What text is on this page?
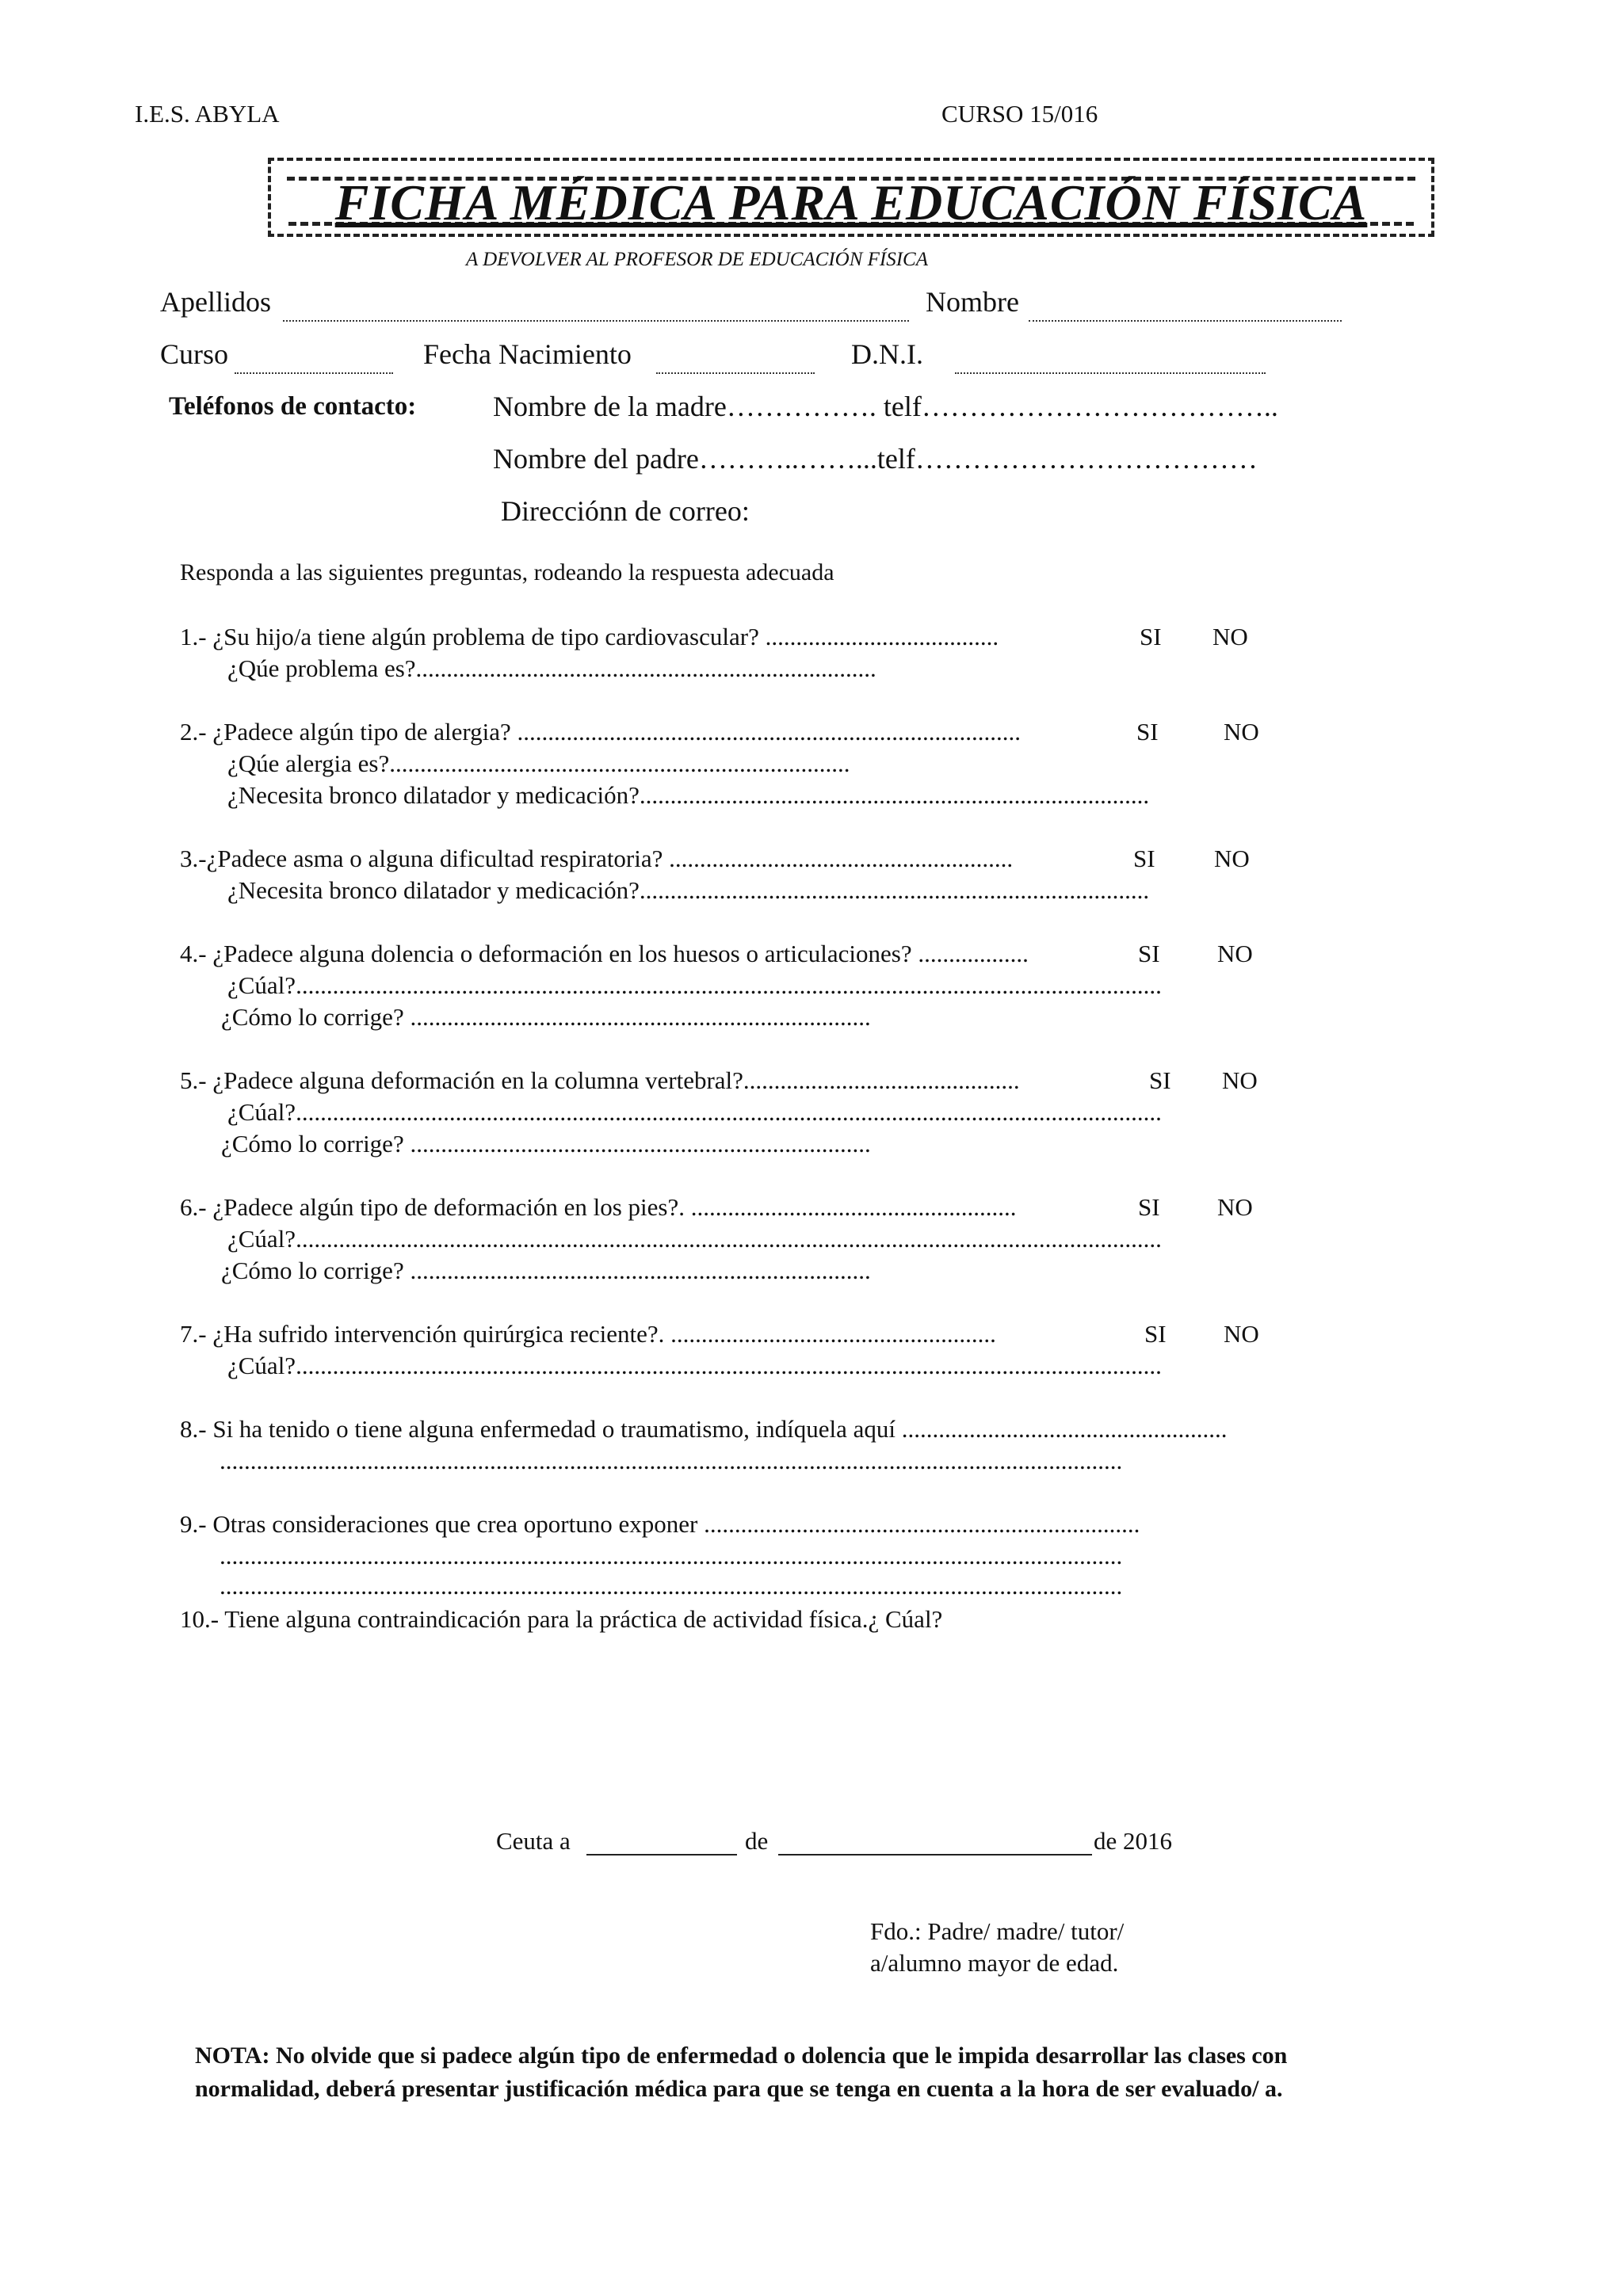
I.E.S. ABYLA	CURSO 15/016
FICHA MÉDICA PARA EDUCACIÓN FÍSICA
A DEVOLVER AL PROFESOR DE EDUCACIÓN FÍSICA
Apellidos	Nombre
Curso	Fecha Nacimiento	D.N.I.
Teléfonos de contacto:	Nombre de la madre……………. telf………………………………..
Nombre del padre………..……...telf………………………………
Direcciónn de correo:
Responda a las siguientes preguntas, rodeando la respuesta adecuada
1.- ¿Su hijo/a tiene algún problema de tipo cardiovascular? ......................................	SI NO
¿Qúe problema es?...........................................................................
2.- ¿Padece algún tipo de alergia? ..................................................................................	SI	NO
¿Qúe alergia es?...........................................................................
¿Necesita bronco dilatador y medicación?...................................................................................
3.-¿Padece asma o alguna dificultad respiratoria? ........................................................	SI NO
¿Necesita bronco dilatador y medicación?...................................................................................
4.- ¿Padece alguna dolencia o deformación en los huesos o articulaciones? ..................	SI NO
¿Cúal?.............................................................................................................................................
¿Cómo lo corrige? ...........................................................................
5.- ¿Padece alguna deformación en la columna vertebral?.............................................	SI NO
¿Cúal?.............................................................................................................................................
¿Cómo lo corrige? ...........................................................................
6.- ¿Padece algún tipo de deformación en los pies?. .....................................................	SI NO
¿Cúal?.............................................................................................................................................
¿Cómo lo corrige? ...........................................................................
7.- ¿Ha sufrido intervención quirúrgica reciente?. .....................................................	SI NO
¿Cúal?.............................................................................................................................................
8.- Si ha tenido o tiene alguna enfermedad o traumatismo, indíquela aquí .....................................................
...................................................................................................................................................
9.- Otras consideraciones que crea oportuno exponer .......................................................................
...................................................................................................................................................
...................................................................................................................................................
10.- Tiene alguna contraindicación para la práctica de actividad física.¿ Cúal?
Ceuta a	de	de 2016
Fdo.: Padre/ madre/ tutor/
a/alumno mayor de edad.
NOTA: No olvide que si padece algún tipo de enfermedad o dolencia que le impida desarrollar las clases con normalidad, deberá presentar justificación médica para que se tenga en cuenta a la hora de ser evaluado/ a.
